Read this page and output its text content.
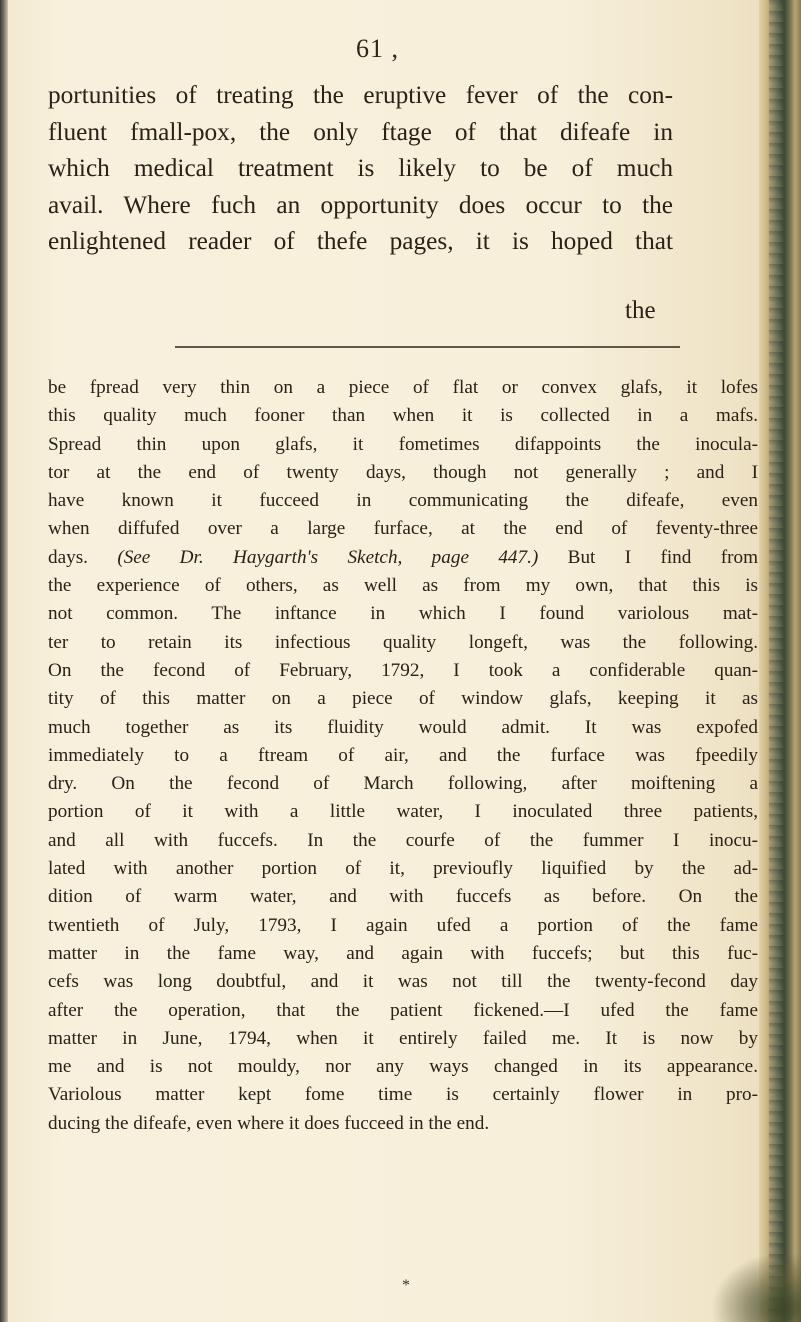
61 ,
portunities of treating the eruptive fever of the con-
fluent fmall-pox, the only ftage of that difeafe in
which medical treatment is likely to be of much
avail. Where fuch an opportunity does occur to the
enlightened reader of thefe pages, it is hoped that
the
be fpread very thin on a piece of flat or convex glafs, it lofes
this quality much fooner than when it is collected in a mafs.
Spread thin upon glafs, it fometimes difappoints the inocula-
tor at the end of twenty days, though not generally ; and I
have known it fucceed in communicating the difeafe, even
when diffufed over a large furface, at the end of feventy-three
days. (See Dr. Haygarth's Sketch, page 447.) But I find from
the experience of others, as well as from my own, that this is
not common. The inftance in which I found variolous mat-
ter to retain its infectious quality longeft, was the following.
On the fecond of February, 1792, I took a confiderable quan-
tity of this matter on a piece of window glafs, keeping it as
much together as its fluidity would admit. It was expofed
immediately to a ftream of air, and the furface was fpeedily
dry. On the fecond of March following, after moiftening a
portion of it with a little water, I inoculated three patients,
and all with fuccefs. In the courfe of the fummer I inocu-
lated with another portion of it, previoufly liquified by the ad-
dition of warm water, and with fuccefs as before. On the
twentieth of July, 1793, I again ufed a portion of the fame
matter in the fame way, and again with fuccefs; but this fuc-
cefs was long doubtful, and it was not till the twenty-fecond day
after the operation, that the patient fickened.—I ufed the fame
matter in June, 1794, when it entirely failed me. It is now by
me and is not mouldy, nor any ways changed in its appearance.
Variolous matter kept fome time is certainly flower in pro-
ducing the difeafe, even where it does fucceed in the end.
*
